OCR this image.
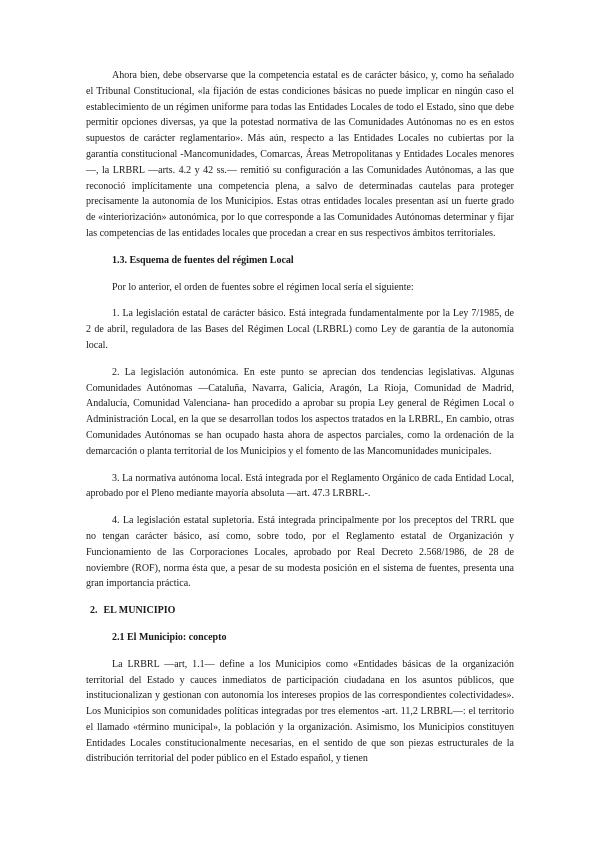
Ahora bien, debe observarse que la competencia estatal es de carácter básico, y, como ha señalado el Tribunal Constitucional, «la fijación de estas condiciones básicas no puede implicar en ningún caso el establecimiento de un régimen uniforme para todas las Entidades Locales de todo el Estado, sino que debe permitir opciones diversas, ya que la potestad normativa de las Comunidades Autónomas no es en estos supuestos de carácter reglamentario». Más aún, respecto a las Entidades Locales no cubiertas por la garantía constitucional -Mancomunidades, Comarcas, Áreas Metropolitanas y Entidades Locales menores—, la LRBRL —arts. 4.2 y 42 ss.— remitió su configuración a las Comunidades Autónomas, a las que reconoció implícitamente una competencia plena, a salvo de determinadas cautelas para proteger precisamente la autonomía de los Municipios. Estas otras entidades locales presentan así un fuerte grado de «interiorización» autonómica, por lo que corresponde a las Comunidades Autónomas determinar y fijar las competencias de las entidades locales que procedan a crear en sus respectivos ámbitos territoriales.

1.3. Esquema de fuentes del régimen Local

Por lo anterior, el orden de fuentes sobre el régimen local sería el siguiente:

1. La legislación estatal de carácter básico. Está integrada fundamentalmente por la Ley 7/1985, de 2 de abril, reguladora de las Bases del Régimen Local (LRBRL) como Ley de garantía de la autonomía local.

2. La legislación autonómica. En este punto se aprecian dos tendencias legislativas. Algunas Comunidades Autónomas —Cataluña, Navarra, Galicia, Aragón, La Rioja, Comunidad de Madrid, Andalucía, Comunidad Valenciana- han procedido a aprobar su propia Ley general de Régimen Local o Administración Local, en la que se desarrollan todos los aspectos tratados en la LRBRL, En cambio, otras Comunidades Autónomas se han ocupado hasta ahora de aspectos parciales, como la ordenación de la demarcación o planta territorial de los Municipios y el fomento de las Mancomunidades municipales.

3. La normativa autónoma local. Está integrada por el Reglamento Orgánico de cada Entidad Local, aprobado por el Pleno mediante mayoría absoluta —art. 47.3 LRBRL-.

4. La legislación estatal supletoria. Está integrada principalmente por los preceptos del TRRL que no tengan carácter básico, así como, sobre todo, por el Reglamento estatal de Organización y Funcionamiento de las Corporaciones Locales, aprobado por Real Decreto 2.568/1986, de 28 de noviembre (ROF), norma ésta que, a pesar de su modesta posición en el sistema de fuentes, presenta una gran importancia práctica.

2. EL MUNICIPIO

2.1 El Municipio: concepto

La LRBRL —art, 1.1— define a los Municipios como «Entidades básicas de la organización territorial del Estado y cauces inmediatos de participación ciudadana en los asuntos públicos, que institucionalizan y gestionan con autonomía los intereses propios de las correspondientes colectividades». Los Municipios son comunidades políticas integradas por tres elementos -art. 11,2 LRBRL—: el territorio el llamado «término municipal», la población y la organización. Asimismo, los Municipios constituyen Entidades Locales constitucionalmente necesarias, en el sentido de que son piezas estructurales de la distribución territorial del poder público en el Estado español, y tienen
